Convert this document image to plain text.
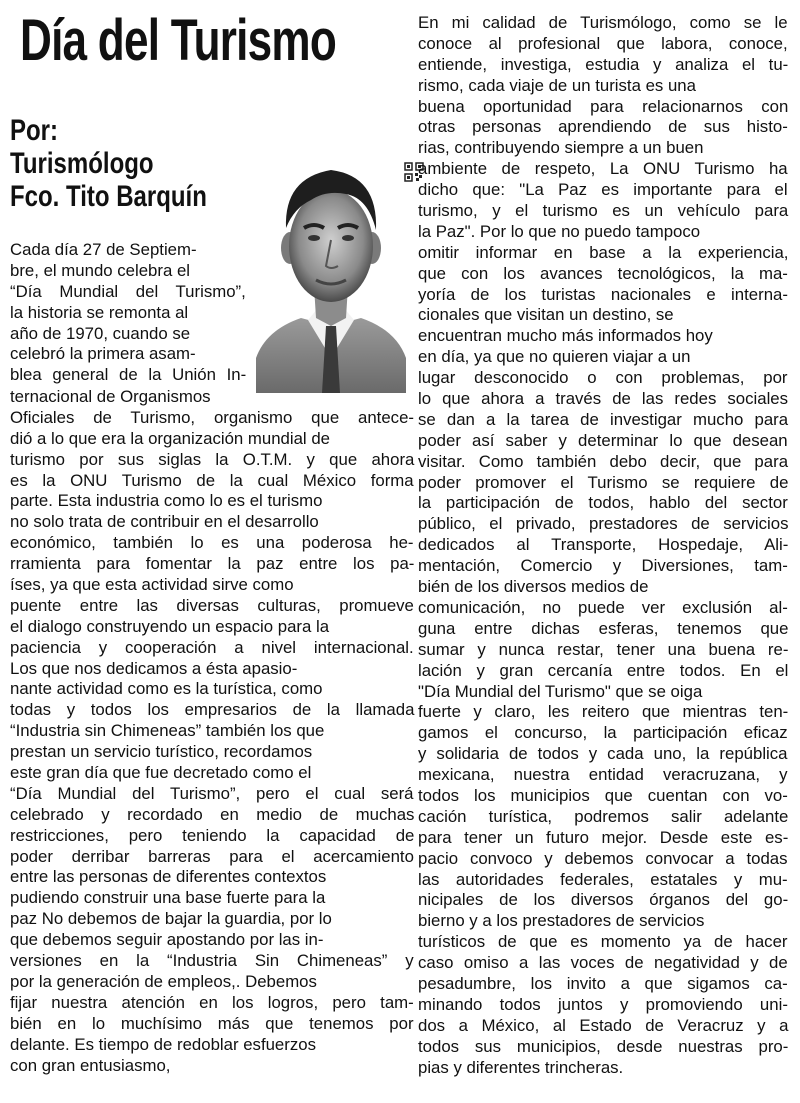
Día del Turismo
Por:
Turismólogo
Fco. Tito Barquín
Cada día 27 de Septiem-
bre, el mundo celebra el
“Día Mundial del Turismo”,
la historia se remonta al
año de 1970, cuando se
celebró la primera asam-
blea general de la Unión In-
ternacional de Organismos
Oficiales de Turismo, organismo que antece-
dió a lo que era la organización mundial de
turismo por sus siglas la O.T.M. y que ahora
es la ONU Turismo de la cual México forma
parte. Esta industria como lo es el turismo
no solo trata de contribuir en el desarrollo
económico, también lo es una poderosa he-
rramienta para fomentar la paz entre los pa-
íses, ya que esta actividad sirve como
puente entre las diversas culturas, promueve
el dialogo construyendo un espacio para la
paciencia y cooperación a nivel internacional.
Los que nos dedicamos a ésta apasio-
nante actividad como es la turística, como
todas y todos los empresarios de la llamada
“Industria sin Chimeneas” también los que
prestan un servicio turístico, recordamos
este gran día que fue decretado como el
“Día Mundial del Turismo”, pero el cual será
celebrado y recordado en medio de muchas
restricciones, pero teniendo la capacidad de
poder derribar barreras para el acercamiento
entre las personas de diferentes contextos
pudiendo construir una base fuerte para la
paz No debemos de bajar la guardia, por lo
que debemos seguir apostando por las in-
versiones en la “Industria Sin Chimeneas” y
por la generación de empleos,. Debemos
fijar nuestra atención en los logros, pero tam-
bién en lo muchísimo más que tenemos por
delante. Es tiempo de redoblar esfuerzos
con gran entusiasmo,
En mi calidad de Turismólogo, como se le
conoce al profesional que labora, conoce,
entiende, investiga, estudia y analiza el tu-
rismo, cada viaje de un turista es una
buena oportunidad para relacionarnos con
otras personas aprendiendo de sus histo-
rias, contribuyendo siempre a un buen
ambiente de respeto, La ONU Turismo ha
dicho que: "La Paz es importante para el
turismo, y el turismo es un vehículo para
la Paz". Por lo que no puedo tampoco
omitir informar en base a la experiencia,
que con los avances tecnológicos, la ma-
yoría de los turistas nacionales e interna-
cionales que visitan un destino, se
encuentran mucho más informados hoy
en día, ya que no quieren viajar a un
lugar desconocido o con problemas, por
lo que ahora a través de las redes sociales
se dan a la tarea de investigar mucho para
poder así saber y determinar lo que desean
visitar. Como también debo decir, que para
poder promover el Turismo se requiere de
la participación de todos, hablo del sector
público, el privado, prestadores de servicios
dedicados al Transporte, Hospedaje, Ali-
mentación, Comercio y Diversiones, tam-
bién de los diversos medios de
comunicación, no puede ver exclusión al-
guna entre dichas esferas, tenemos que
sumar y nunca restar, tener una buena re-
lación y gran cercanía entre todos. En el
"Día Mundial del Turismo" que se oiga
fuerte y claro, les reitero que mientras ten-
gamos el concurso, la participación eficaz
y solidaria de todos y cada uno, la república
mexicana, nuestra entidad veracruzana, y
todos los municipios que cuentan con vo-
cación turística, podremos salir adelante
para tener un futuro mejor. Desde este es-
pacio convoco y debemos convocar a todas
las autoridades federales, estatales y mu-
nicipales de los diversos órganos del go-
bierno y a los prestadores de servicios
turísticos de que es momento ya de hacer
caso omiso a las voces de negatividad y de
pesadumbre, los invito a que sigamos ca-
minando todos juntos y promoviendo uni-
dos a México, al Estado de Veracruz y a
todos sus municipios, desde nuestras pro-
pias y diferentes trincheras.
